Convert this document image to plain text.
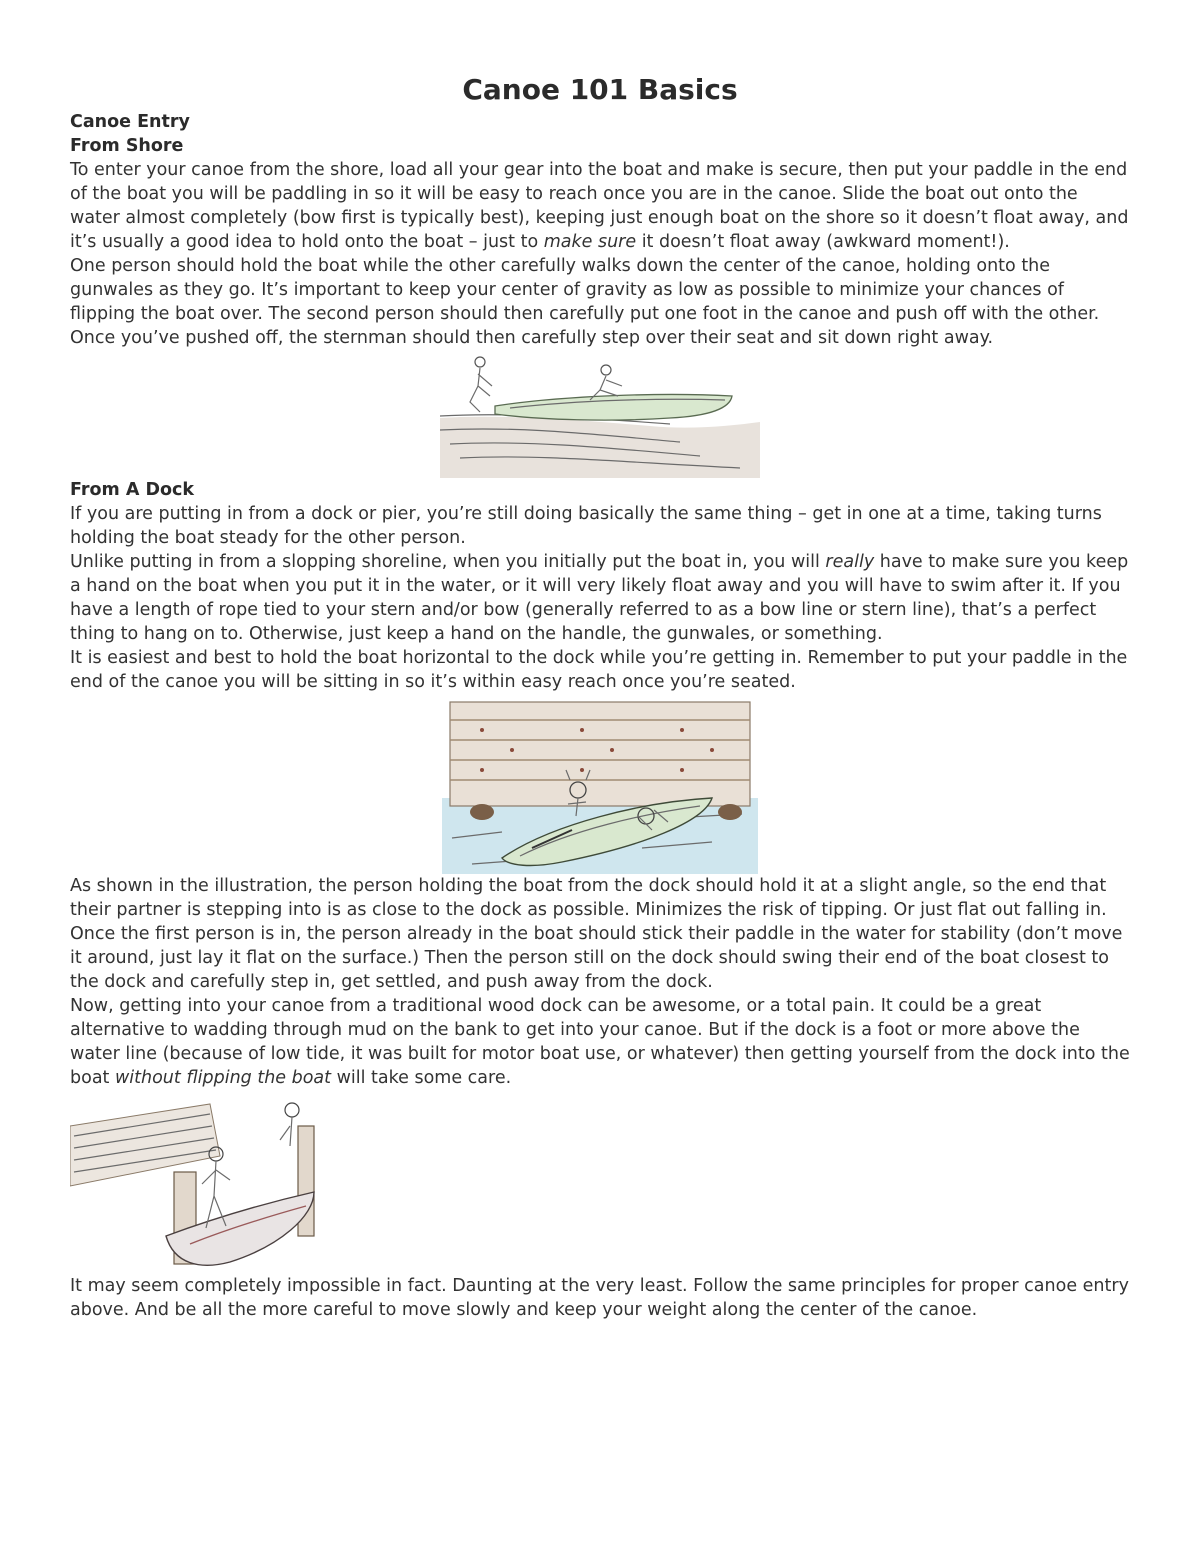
Canoe 101 Basics
Canoe Entry
From Shore

To enter your canoe from the shore, load all your gear into the boat and make is secure, then put your paddle in the end of the boat you will be paddling in so it will be easy to reach once you are in the canoe. Slide the boat out onto the water almost completely (bow first is typically best), keeping just enough boat on the shore so it doesn’t float away, and it’s usually a good idea to hold onto the boat – just to make sure it doesn’t float away (awkward moment!).

One person should hold the boat while the other carefully walks down the center of the canoe, holding onto the gunwales as they go. It’s important to keep your center of gravity as low as possible to minimize your chances of flipping the boat over. The second person should then carefully put one foot in the canoe and push off with the other. Once you’ve pushed off, the sternman should then carefully step over their seat and sit down right away.

From A Dock

If you are putting in from a dock or pier, you’re still doing basically the same thing – get in one at a time, taking turns holding the boat steady for the other person.

Unlike putting in from a slopping shoreline, when you initially put the boat in, you will really have to make sure you keep a hand on the boat when you put it in the water, or it will very likely float away and you will have to swim after it. If you have a length of rope tied to your stern and/or bow (generally referred to as a bow line or stern line), that’s a perfect thing to hang on to. Otherwise, just keep a hand on the handle, the gunwales, or something.

It is easiest and best to hold the boat horizontal to the dock while you’re getting in. Remember to put your paddle in the end of the canoe you will be sitting in so it’s within easy reach once you’re seated.

As shown in the illustration, the person holding the boat from the dock should hold it at a slight angle, so the end that their partner is stepping into is as close to the dock as possible. Minimizes the risk of tipping. Or just flat out falling in.

Once the first person is in, the person already in the boat should stick their paddle in the water for stability (don’t move it around, just lay it flat on the surface.) Then the person still on the dock should swing their end of the boat closest to the dock and carefully step in, get settled, and push away from the dock.

Now, getting into your canoe from a traditional wood dock can be awesome, or a total pain. It could be a great alternative to wadding through mud on the bank to get into your canoe. But if the dock is a foot or more above the water line (because of low tide, it was built for motor boat use, or whatever) then getting yourself from the dock into the boat without flipping the boat will take some care.

It may seem completely impossible in fact. Daunting at the very least. Follow the same principles for proper canoe entry above. And be all the more careful to move slowly and keep your weight along the center of the canoe.
